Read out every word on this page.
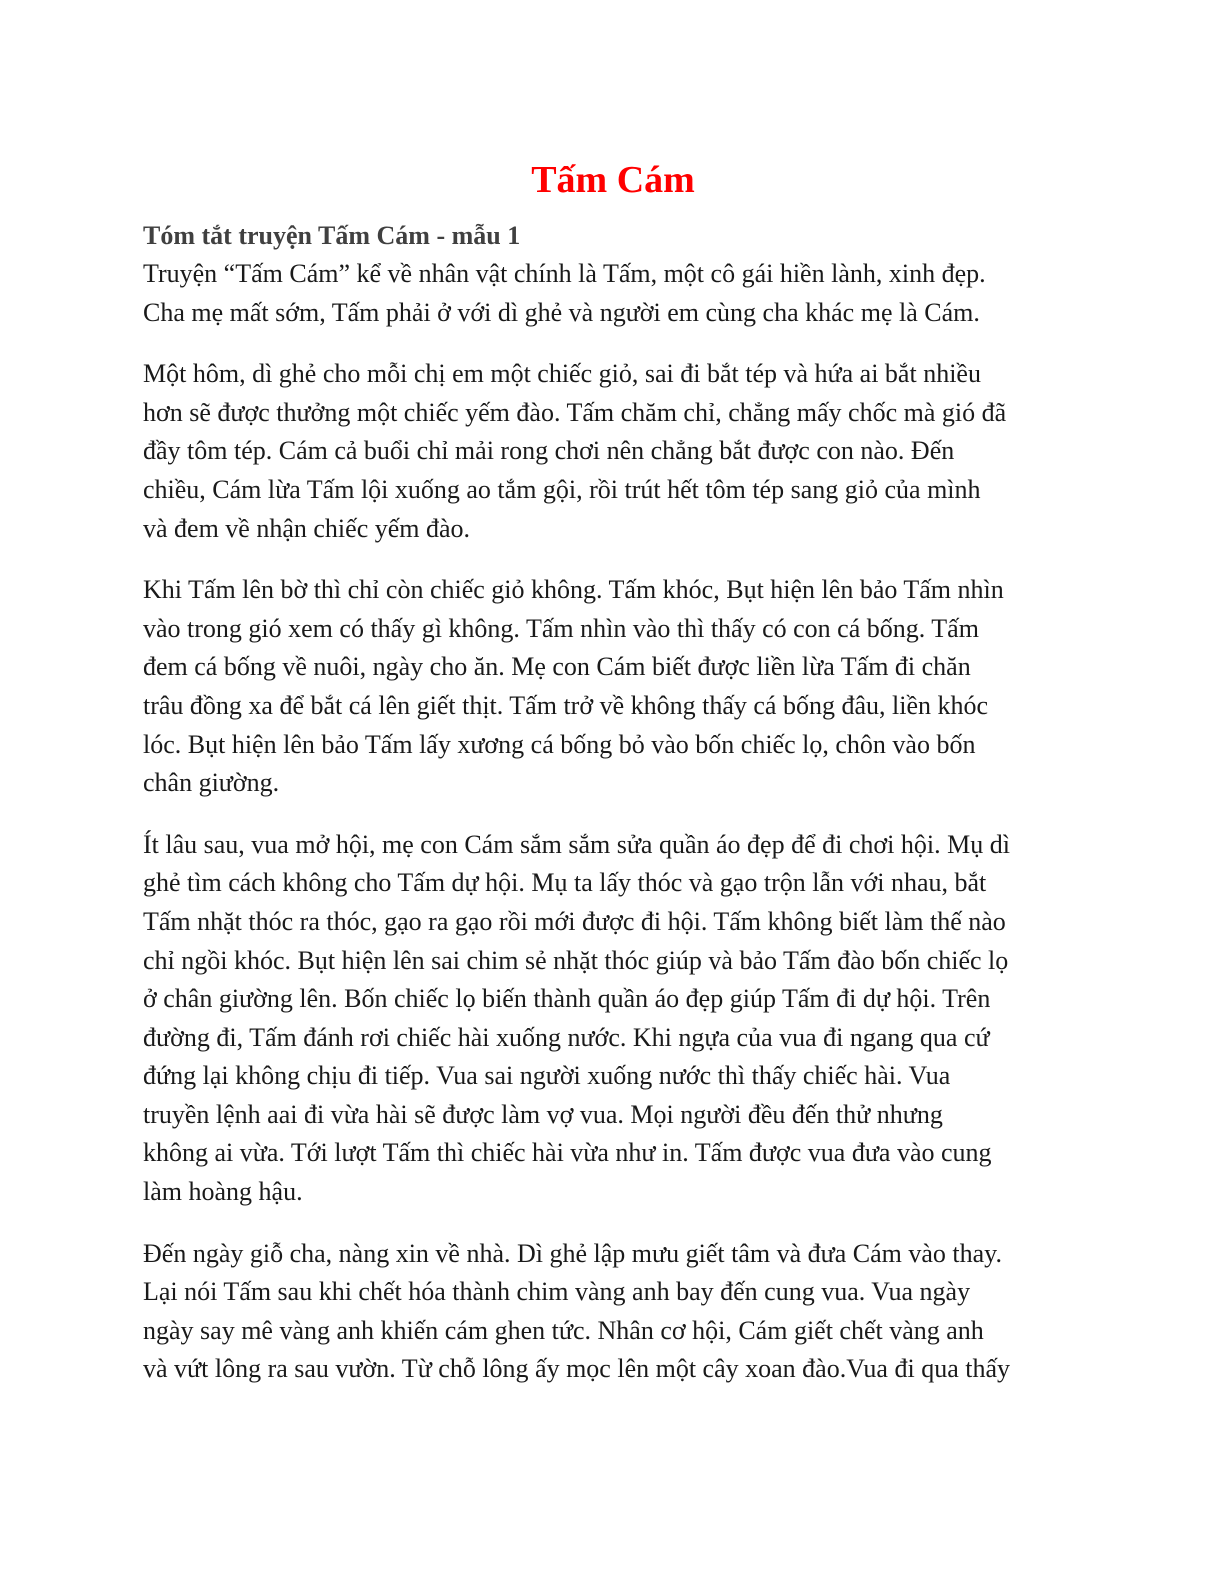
Tấm Cám
Tóm tắt truyện Tấm Cám - mẫu 1

Truyện “Tấm Cám” kể về nhân vật chính là Tấm, một cô gái hiền lành, xinh đẹp.
Cha mẹ mất sớm, Tấm phải ở với dì ghẻ và người em cùng cha khác mẹ là Cám.

Một hôm, dì ghẻ cho mỗi chị em một chiếc giỏ, sai đi bắt tép và hứa ai bắt nhiều
hơn sẽ được thưởng một chiếc yếm đào. Tấm chăm chỉ, chẳng mấy chốc mà gió đã
đầy tôm tép. Cám cả buổi chỉ mải rong chơi nên chẳng bắt được con nào. Đến
chiều, Cám lừa Tấm lội xuống ao tắm gội, rồi trút hết tôm tép sang giỏ của mình
và đem về nhận chiếc yếm đào.

Khi Tấm lên bờ thì chỉ còn chiếc giỏ không. Tấm khóc, Bụt hiện lên bảo Tấm nhìn
vào trong gió xem có thấy gì không. Tấm nhìn vào thì thấy có con cá bống. Tấm
đem cá bống về nuôi, ngày cho ăn. Mẹ con Cám biết được liền lừa Tấm đi chăn
trâu đồng xa để bắt cá lên giết thịt. Tấm trở về không thấy cá bống đâu, liền khóc
lóc. Bụt hiện lên bảo Tấm lấy xương cá bống bỏ vào bốn chiếc lọ, chôn vào bốn
chân giường.

Ít lâu sau, vua mở hội, mẹ con Cám sắm sắm sửa quần áo đẹp để đi chơi hội. Mụ dì
ghẻ tìm cách không cho Tấm dự hội. Mụ ta lấy thóc và gạo trộn lẫn với nhau, bắt
Tấm nhặt thóc ra thóc, gạo ra gạo rồi mới được đi hội. Tấm không biết làm thế nào
chỉ ngồi khóc. Bụt hiện lên sai chim sẻ nhặt thóc giúp và bảo Tấm đào bốn chiếc lọ
ở chân giường lên. Bốn chiếc lọ biến thành quần áo đẹp giúp Tấm đi dự hội. Trên
đường đi, Tấm đánh rơi chiếc hài xuống nước. Khi ngựa của vua đi ngang qua cứ
đứng lại không chịu đi tiếp. Vua sai người xuống nước thì thấy chiếc hài. Vua
truyền lệnh aai đi vừa hài sẽ được làm vợ vua. Mọi người đều đến thử nhưng
không ai vừa. Tới lượt Tấm thì chiếc hài vừa như in. Tấm được vua đưa vào cung
làm hoàng hậu.

Đến ngày giỗ cha, nàng xin về nhà. Dì ghẻ lập mưu giết tâm và đưa Cám vào thay.
Lại nói Tấm sau khi chết hóa thành chim vàng anh bay đến cung vua. Vua ngày
ngày say mê vàng anh khiến cám ghen tức. Nhân cơ hội, Cám giết chết vàng anh
và vứt lông ra sau vườn. Từ chỗ lông ấy mọc lên một cây xoan đào.Vua đi qua thấy
